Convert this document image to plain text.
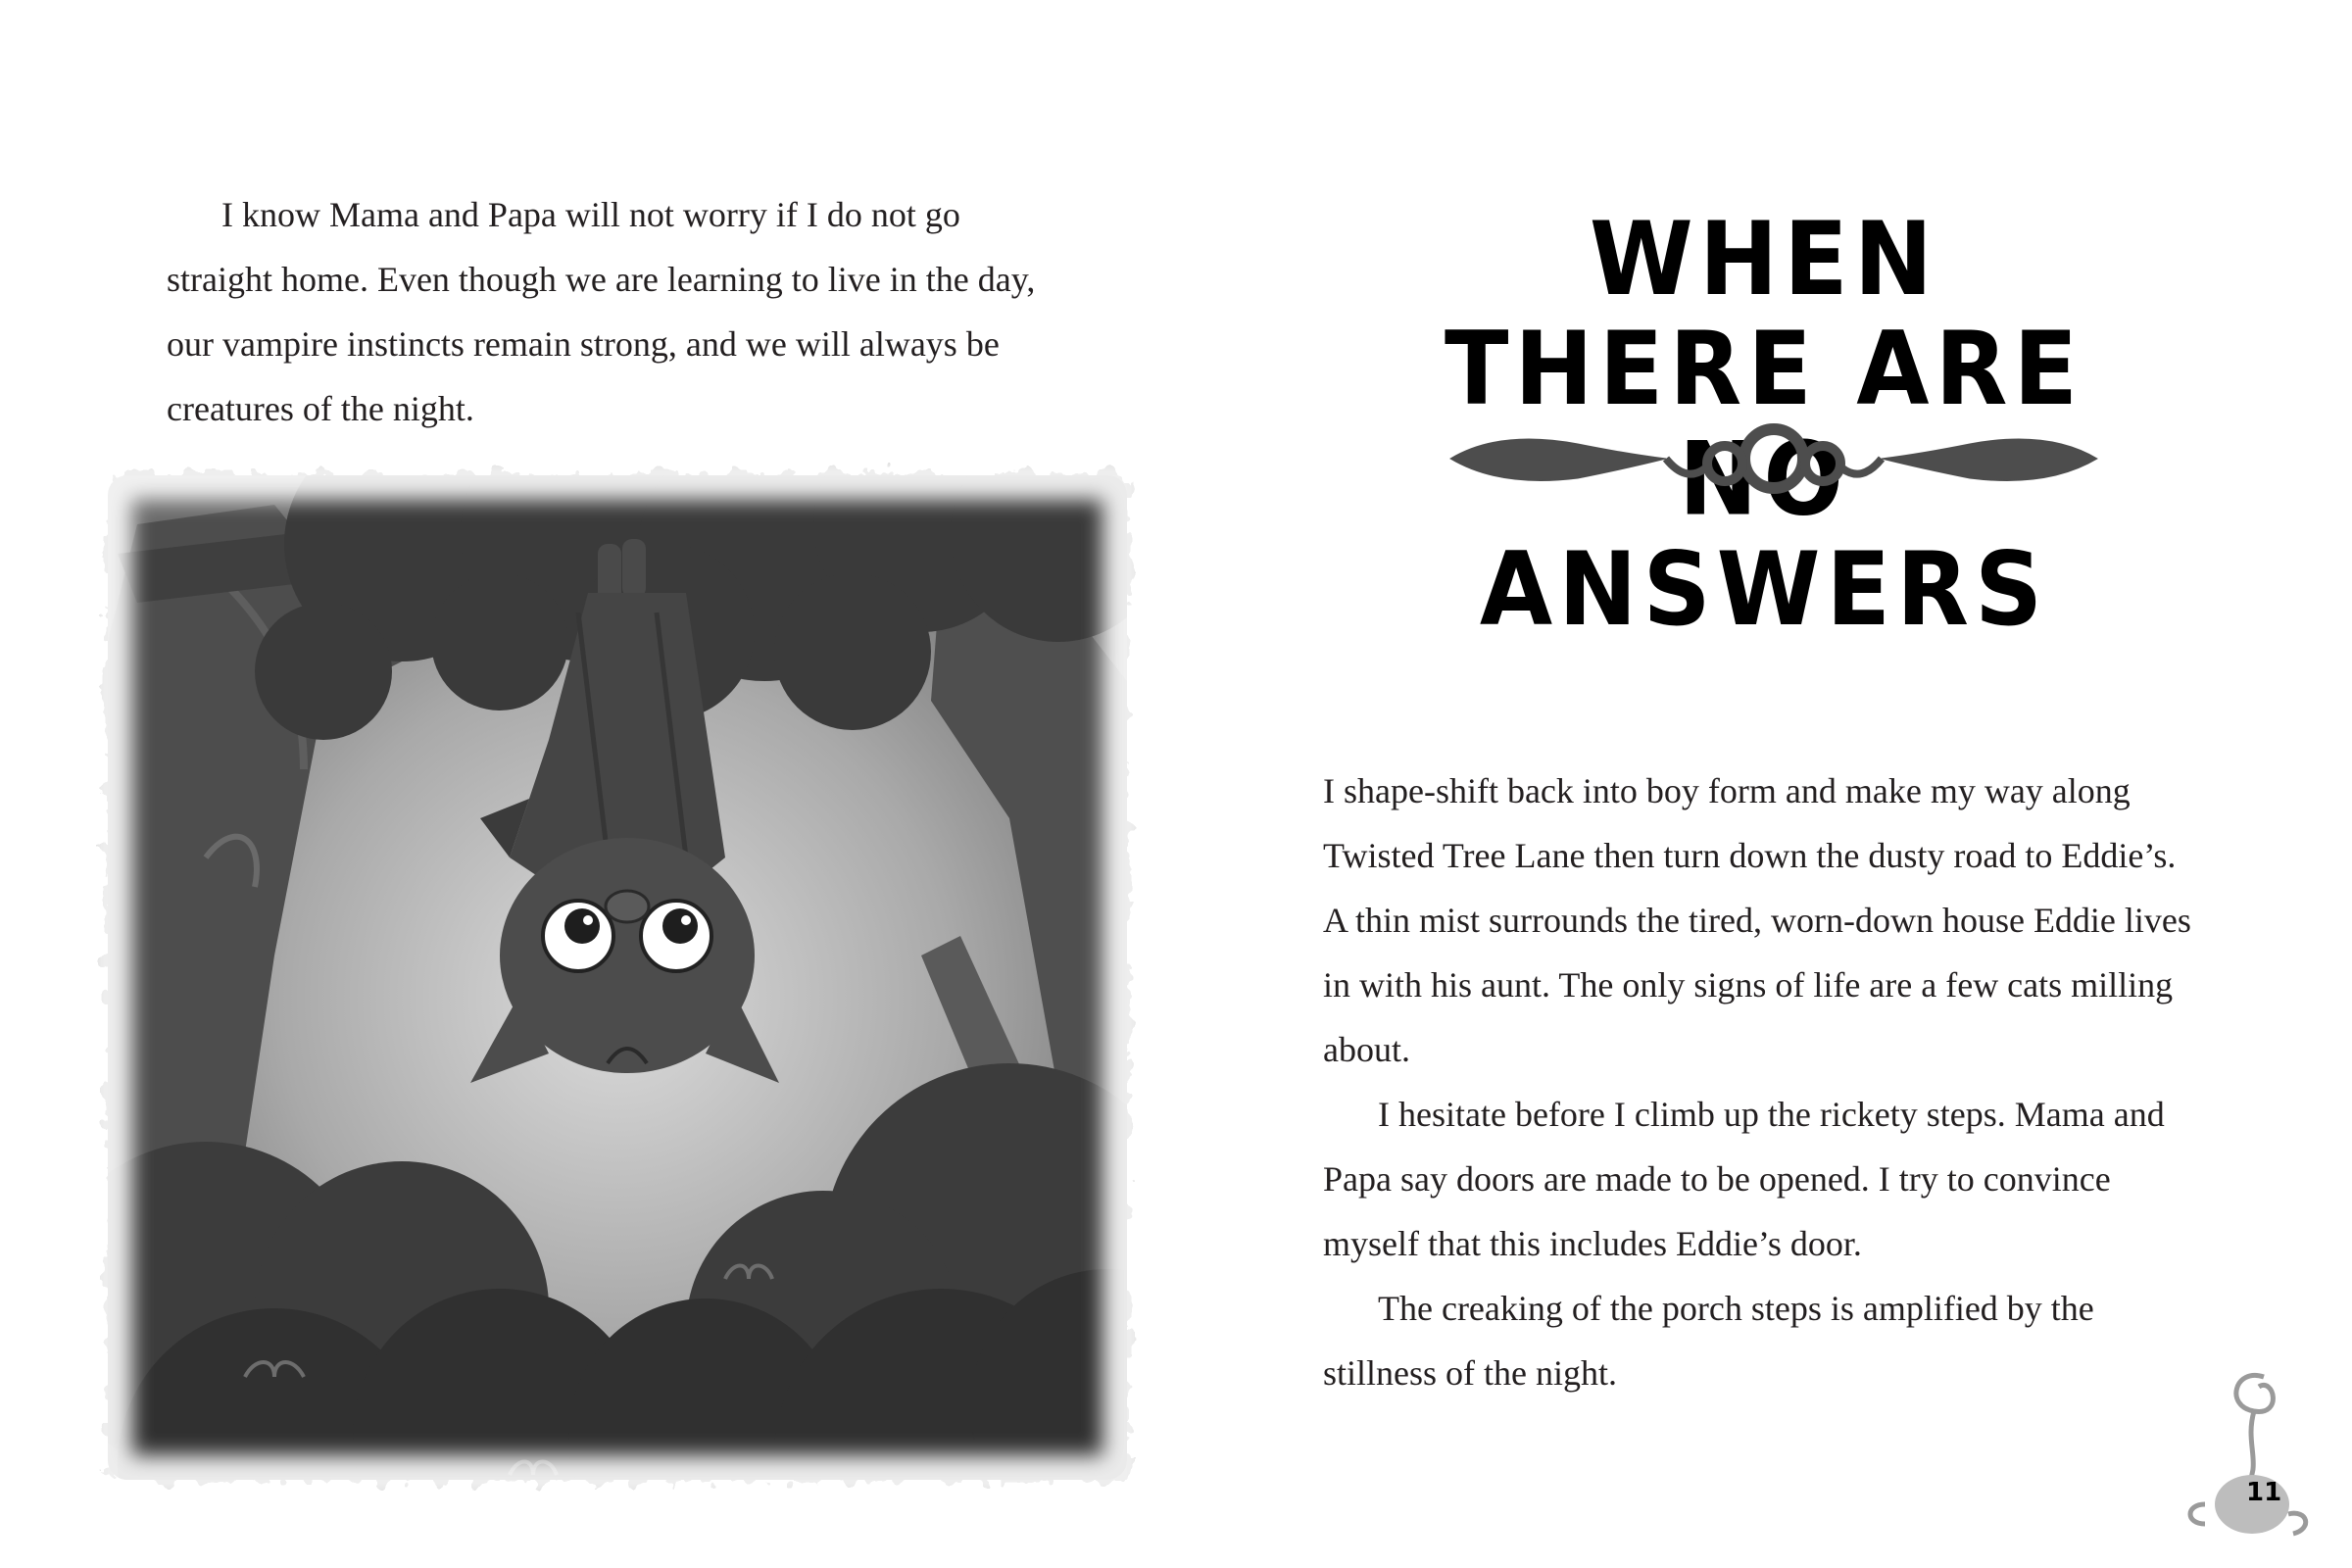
I know Mama and Papa will not worry if I do not go straight home. Even though we are learning to live in the day, our vampire instincts remain strong, and we will always be creatures of the night.

WHEN THERE ARE
NO ANSWERS

I shape-shift back into boy form and make my way along Twisted Tree Lane then turn down the dusty road to Eddie’s. A thin mist surrounds the tired, worn-down house Eddie lives in with his aunt. The only signs of life are a few cats milling about.

I hesitate before I climb up the rickety steps. Mama and Papa say doors are made to be opened. I try to convince myself that this includes Eddie’s door.

The creaking of the porch steps is amplified by the stillness of the night.

11
